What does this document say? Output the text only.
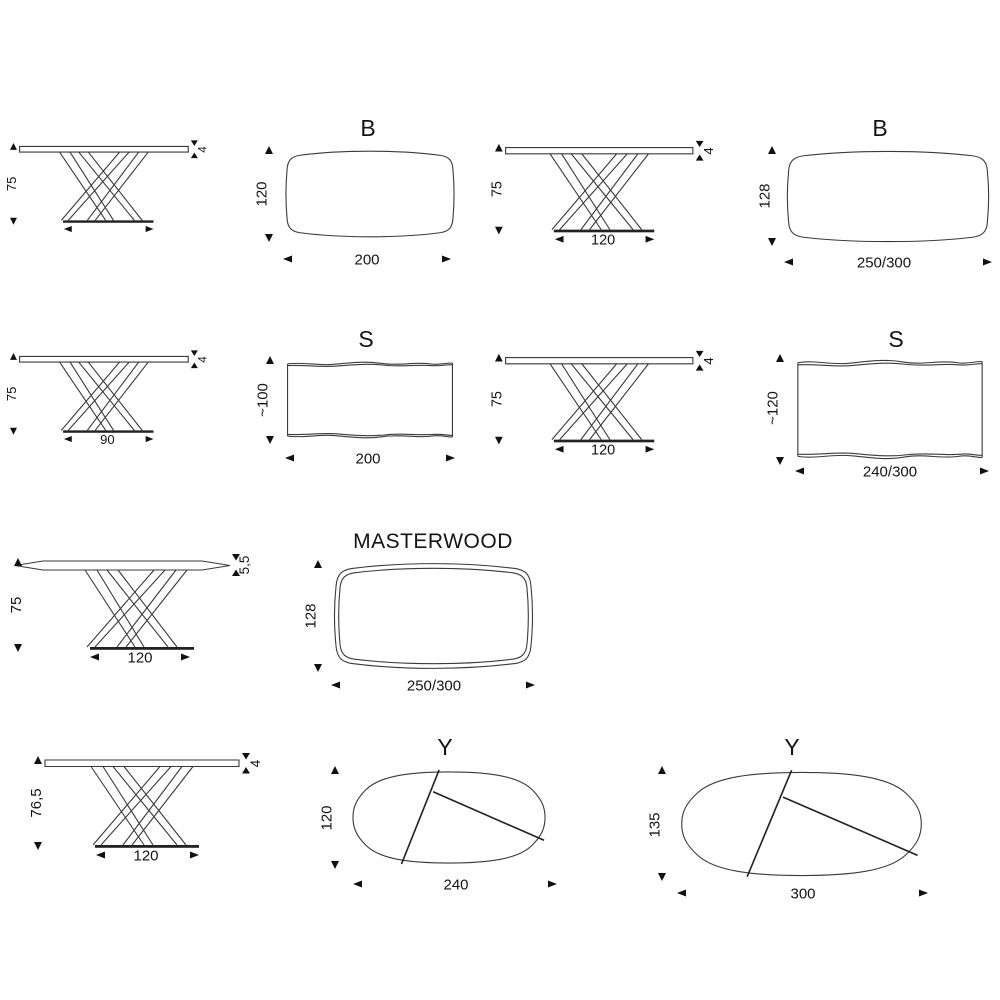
75
4
B
120
200
75
4
120
B
128
250/300
75
4
90
S
~100
200
75
4
120
S
~120
240/300
75
5,5
120
MASTERWOOD
128
250/300
76,5
4
120
Y
120
240
Y
135
300
